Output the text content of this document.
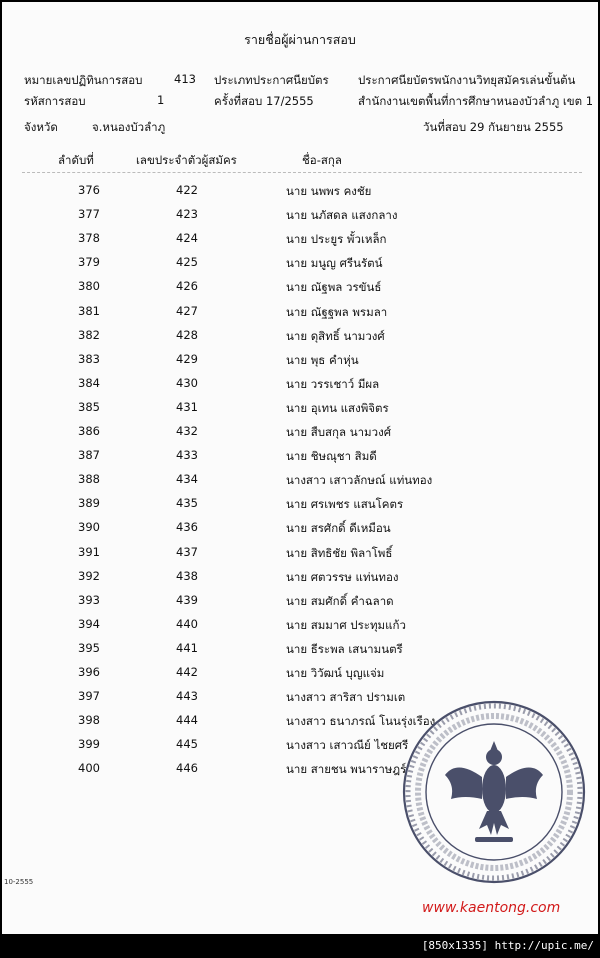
รายชื่อผู้ผ่านการสอบ
หมายเลขปฏิทินการสอบ	413 ประเภทประกาศนียบัตร	ประกาศนียบัตรพนักงานวิทยุสมัครเล่นขั้นต้น
รหัสการสอบ	1	ครั้งที่สอบ 17/2555	สำนักงานเขตพื้นที่การศึกษาหนองบัวลำภู เขต 1
จังหวัด	จ.หนองบัวลำภู	วันที่สอบ 29 กันยายน 2555
ลำดับที่	เลขประจำตัวผู้สมัคร	ชื่อ-สกุล
376	422	นาย นพพร คงชัย
377	423	นาย นภัสดล แสงกลาง
378	424	นาย ประยูร พั้วเหล็ก
379	425	นาย มนูญ ศรีนรัตน์
380	426	นาย ณัฐพล วรขันธ์
381	427	นาย ณัฐฐพล พรมลา
382	428	นาย ดุสิทธิ์ นามวงศ์
383	429	นาย พุธ คำหุ่น
384	430	นาย วรรเชาว์ มีผล
385	431	นาย อุเทน แสงพิจิตร
386	432	นาย สืบสกุล นามวงศ์
387	433	นาย ชิษณุชา สิมดี
388	434	นางสาว เสาวลักษณ์ แท่นทอง
389	435	นาย ศรเพชร แสนโคตร
390	436	นาย สรศักดิ์ ดีเหมือน
391	437	นาย สิทธิชัย พิลาโพธิ์
392	438	นาย ศตวรรษ แท่นทอง
393	439	นาย สมศักดิ์ คำฉลาด
394	440	นาย สมมาศ ประทุมแก้ว
395	441	นาย ธีระพล เสนามนตรี
396	442	นาย วิวัฒน์ บุญแจ่ม
397	443	นางสาว สาริสา ปรามเต
398	444	นางสาว ธนาภรณ์ โนนรุ่งเรือง
399	445	นางสาว เสาวณีย์ ไชยศรี
400	446	นาย สายชน พนาราษฎร์
10-2555
www.kaentong.com
[850x1335] http://upic.me/
